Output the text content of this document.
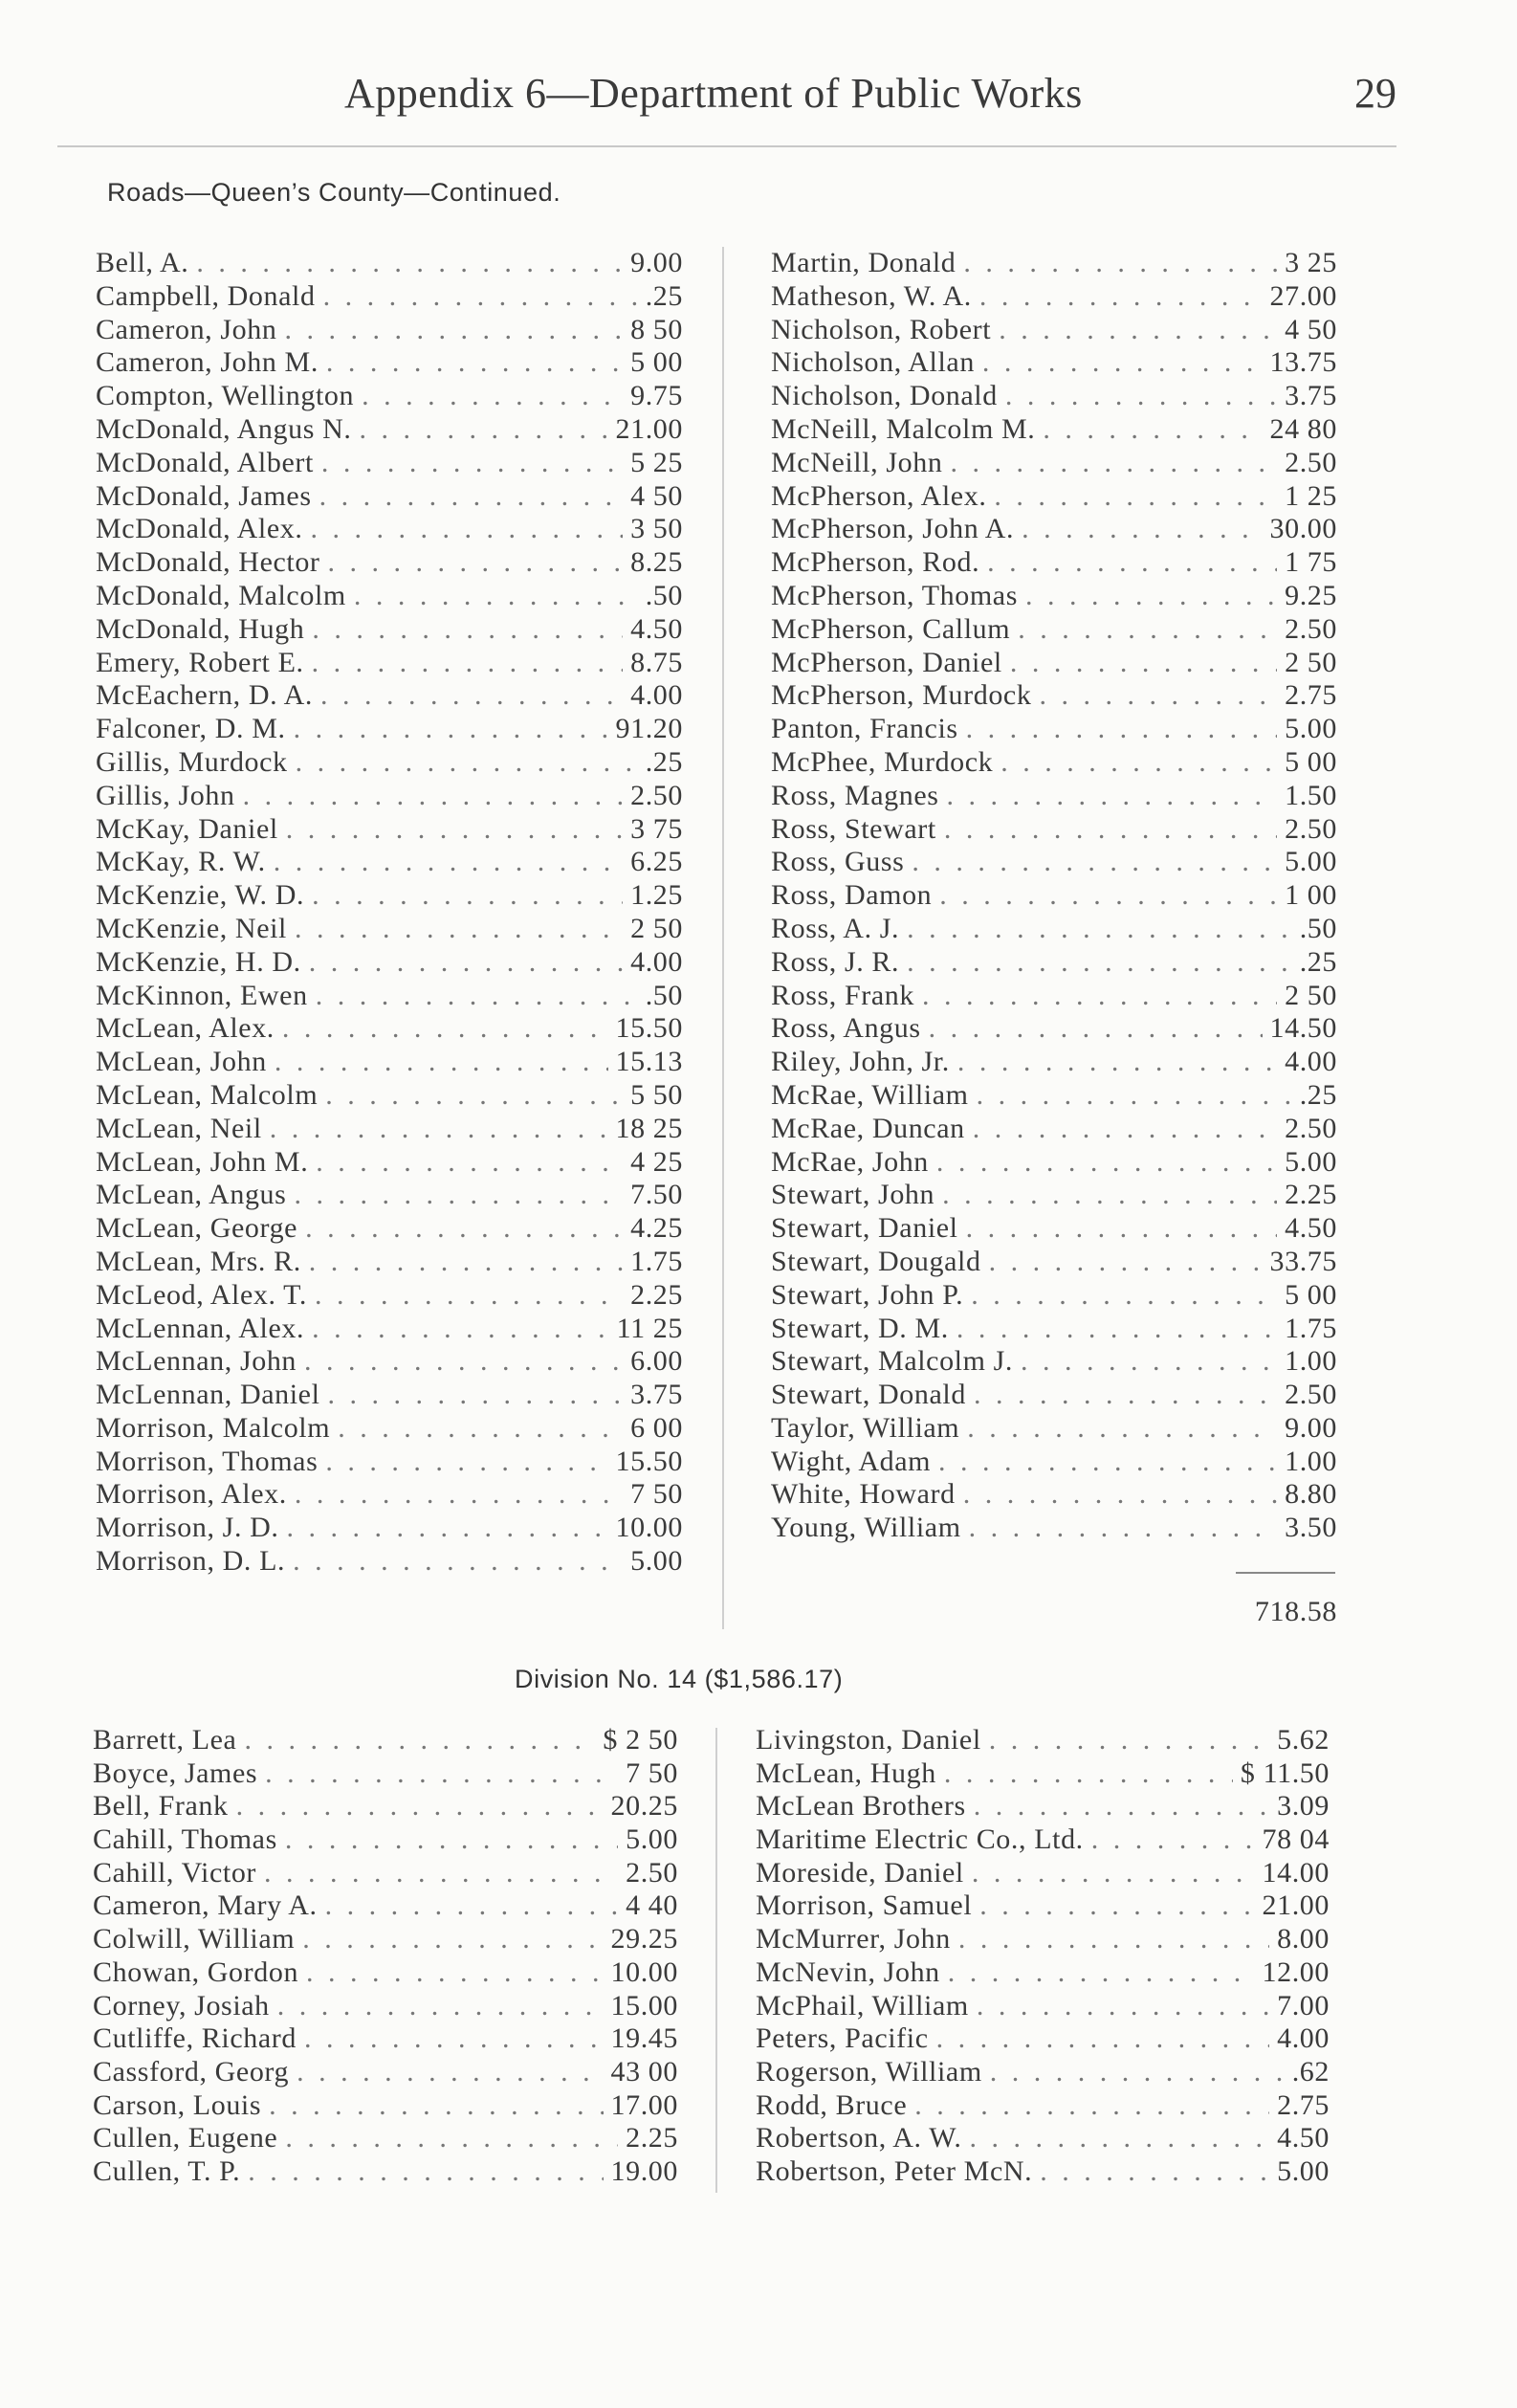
Appendix 6—Department of Public Works	29
Roads—Queen’s County—Continued.
Bell, A. . . .	9.00
Campbell, Donald . . .	.25
Cameron, John . . .	8 50
Cameron, John M. . . .	5 00
Compton, Wellington . . .	9.75
McDonald, Angus N. . . .	21.00
McDonald, Albert . . .	5 25
McDonald, James . . .	4 50
McDonald, Alex. . . .	3 50
McDonald, Hector . . .	8.25
McDonald, Malcolm . . .	.50
McDonald, Hugh . . .	4.50
Emery, Robert E. . . .	8.75
McEachern, D. A. . . .	4.00
Falconer, D. M. . . .	91.20
Gillis, Murdock . . .	.25
Gillis, John . . .	2.50
McKay, Daniel . . .	3 75
McKay, R. W. . . .	6.25
McKenzie, W. D. . . .	1.25
McKenzie, Neil . . .	2 50
McKenzie, H. D. . . .	4.00
McKinnon, Ewen . . .	.50
McLean, Alex. . . .	15.50
McLean, John . . .	15.13
McLean, Malcolm . . .	5 50
McLean, Neil . . .	18 25
McLean, John M. . . .	4 25
McLean, Angus . . .	7.50
McLean, George . . .	4.25
McLean, Mrs. R. . . .	1.75
McLeod, Alex. T. . . .	2.25
McLennan, Alex. . . .	11 25
McLennan, John . . .	6.00
McLennan, Daniel . . .	3.75
Morrison, Malcolm . . .	6 00
Morrison, Thomas . . .	15.50
Morrison, Alex. . . .	7 50
Morrison, J. D. . . .	10.00
Morrison, D. L. . . .	5.00
Martin, Donald . . .	3 25
Matheson, W. A. . . .	27.00
Nicholson, Robert . . .	4 50
Nicholson, Allan . . .	13.75
Nicholson, Donald . . .	3.75
McNeill, Malcolm M. . . .	24 80
McNeill, John . . .	2.50
McPherson, Alex. . . .	1 25
McPherson, John A. . . .	30.00
McPherson, Rod. . . .	1 75
McPherson, Thomas . . .	9.25
McPherson, Callum . . .	2.50
McPherson, Daniel . . .	2 50
McPherson, Murdock . . .	2.75
Panton, Francis . . .	5.00
McPhee, Murdock . . .	5 00
Ross, Magnes . . .	1.50
Ross, Stewart . . .	2.50
Ross, Guss . . .	5.00
Ross, Damon . . .	1 00
Ross, A. J. . . .	.50
Ross, J. R. . . .	.25
Ross, Frank . . .	2 50
Ross, Angus . . .	14.50
Riley, John, Jr. . . .	4.00
McRae, William . . .	.25
McRae, Duncan . . .	2.50
McRae, John . . .	5.00
Stewart, John . . .	2.25
Stewart, Daniel . . .	4.50
Stewart, Dougald . . .	33.75
Stewart, John P. . . .	5 00
Stewart, D. M. . . .	1.75
Stewart, Malcolm J. . . .	1.00
Stewart, Donald . . .	2.50
Taylor, William . . .	9.00
Wight, Adam . . .	1.00
White, Howard . . .	8.80
Young, William . . .	3.50
718.58
Division No. 14 ($1,586.17)
Barrett, Lea . . .	$ 2 50
Boyce, James . . .	7 50
Bell, Frank . . .	20.25
Cahill, Thomas . . .	5.00
Cahill, Victor . . .	2.50
Cameron, Mary A. . . .	4 40
Colwill, William . . .	29.25
Chowan, Gordon . . .	10.00
Corney, Josiah . . .	15.00
Cutliffe, Richard . . .	19.45
Cassford, Georg . . .	43 00
Carson, Louis . . .	17.00
Cullen, Eugene . . .	2.25
Cullen, T. P. . . .	19.00
Livingston, Daniel . . .	5.62
McLean, Hugh . . .	$ 11.50
McLean Brothers . . .	3.09
Maritime Electric Co., Ltd. . . .	78 04
Moreside, Daniel . . .	14.00
Morrison, Samuel . . .	21.00
McMurrer, John . . .	8.00
McNevin, John . . .	12.00
McPhail, William . . .	7.00
Peters, Pacific . . .	4.00
Rogerson, William . . .	.62
Rodd, Bruce . . .	2.75
Robertson, A. W. . . .	4.50
Robertson, Peter McN. . . .	5.00
